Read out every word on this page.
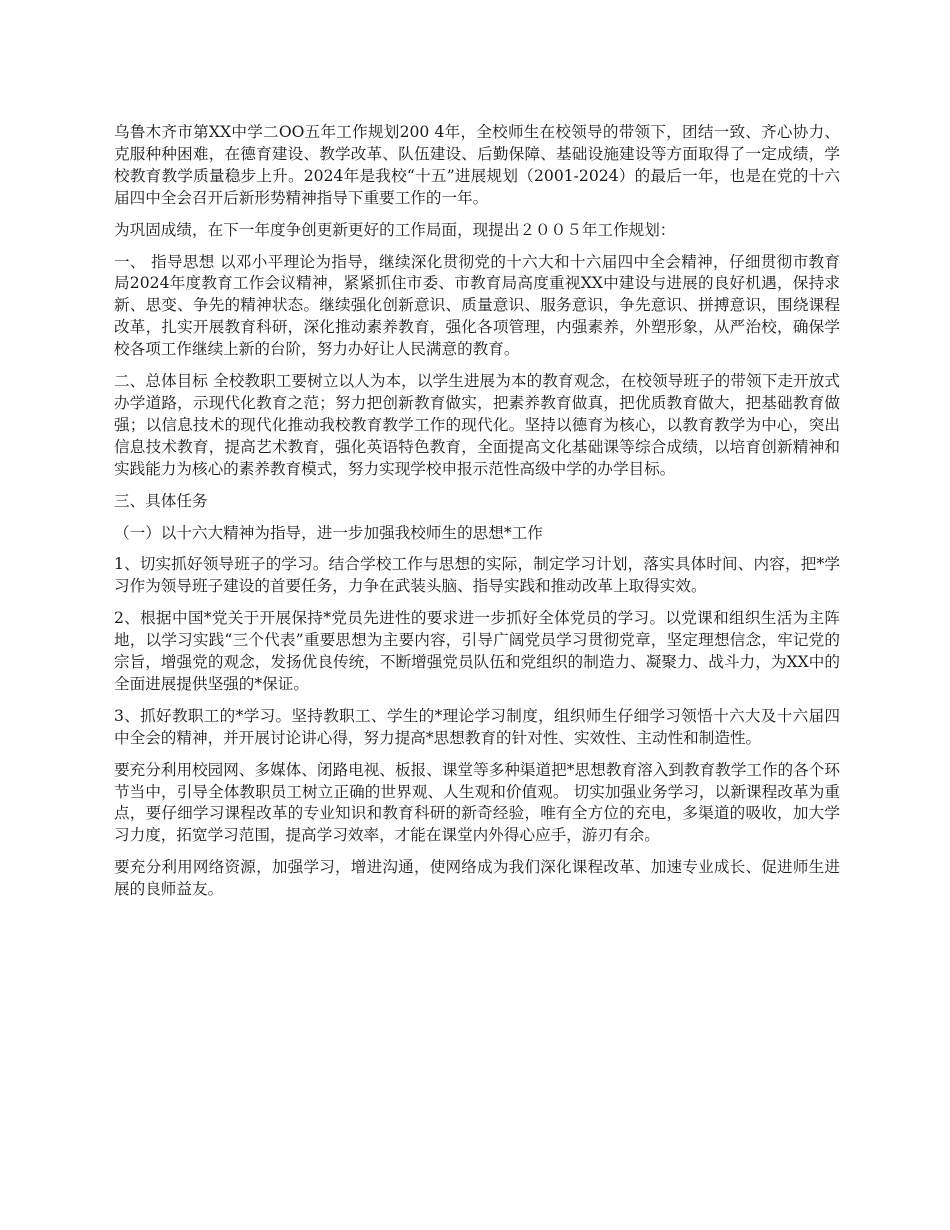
乌鲁木齐市第XX中学二OO五年工作规划200 4年，全校师生在校领导的带领下，团结一致、齐心协力、克服种种困难，在德育建设、教学改革、队伍建设、后勤保障、基础设施建设等方面取得了一定成绩，学校教育教学质量稳步上升。2024年是我校“十五”进展规划（2001-2024）的最后一年，也是在党的十六届四中全会召开后新形势精神指导下重要工作的一年。

为巩固成绩，在下一年度争创更新更好的工作局面，现提出２００５年工作规划：

一、 指导思想 以邓小平理论为指导，继续深化贯彻党的十六大和十六届四中全会精神，仔细贯彻市教育局2024年度教育工作会议精神，紧紧抓住市委、市教育局高度重视XX中建设与进展的良好机遇，保持求新、思变、争先的精神状态。继续强化创新意识、质量意识、服务意识，争先意识、拼搏意识，围绕课程改革，扎实开展教育科研，深化推动素养教育，强化各项管理，内强素养，外塑形象，从严治校，确保学校各项工作继续上新的台阶，努力办好让人民满意的教育。

二、总体目标 全校教职工要树立以人为本，以学生进展为本的教育观念，在校领导班子的带领下走开放式办学道路，示现代化教育之范；努力把创新教育做实，把素养教育做真，把优质教育做大，把基础教育做强；以信息技术的现代化推动我校教育教学工作的现代化。坚持以德育为核心，以教育教学为中心，突出信息技术教育，提高艺术教育，强化英语特色教育，全面提高文化基础课等综合成绩，以培育创新精神和实践能力为核心的素养教育模式，努力实现学校申报示范性高级中学的办学目标。

三、具体任务

（一）以十六大精神为指导，进一步加强我校师生的思想*工作

1、切实抓好领导班子的学习。结合学校工作与思想的实际，制定学习计划，落实具体时间、内容，把*学习作为领导班子建设的首要任务，力争在武装头脑、指导实践和推动改革上取得实效。

2、根据中国*党关于开展保持*党员先进性的要求进一步抓好全体党员的学习。以党课和组织生活为主阵地，以学习实践“三个代表”重要思想为主要内容，引导广阔党员学习贯彻党章，坚定理想信念，牢记党的宗旨，增强党的观念，发扬优良传统，不断增强党员队伍和党组织的制造力、凝聚力、战斗力，为XX中的全面进展提供坚强的*保证。

3、抓好教职工的*学习。坚持教职工、学生的*理论学习制度，组织师生仔细学习领悟十六大及十六届四中全会的精神，并开展讨论讲心得，努力提高*思想教育的针对性、实效性、主动性和制造性。

要充分利用校园网、多媒体、闭路电视、板报、课堂等多种渠道把*思想教育溶入到教育教学工作的各个环节当中，引导全体教职员工树立正确的世界观、人生观和价值观。 切实加强业务学习，以新课程改革为重点，要仔细学习课程改革的专业知识和教育科研的新奇经验，唯有全方位的充电，多渠道的吸收，加大学习力度，拓宽学习范围，提高学习效率，才能在课堂内外得心应手，游刃有余。

要充分利用网络资源，加强学习，增进沟通，使网络成为我们深化课程改革、加速专业成长、促进师生进展的良师益友。
